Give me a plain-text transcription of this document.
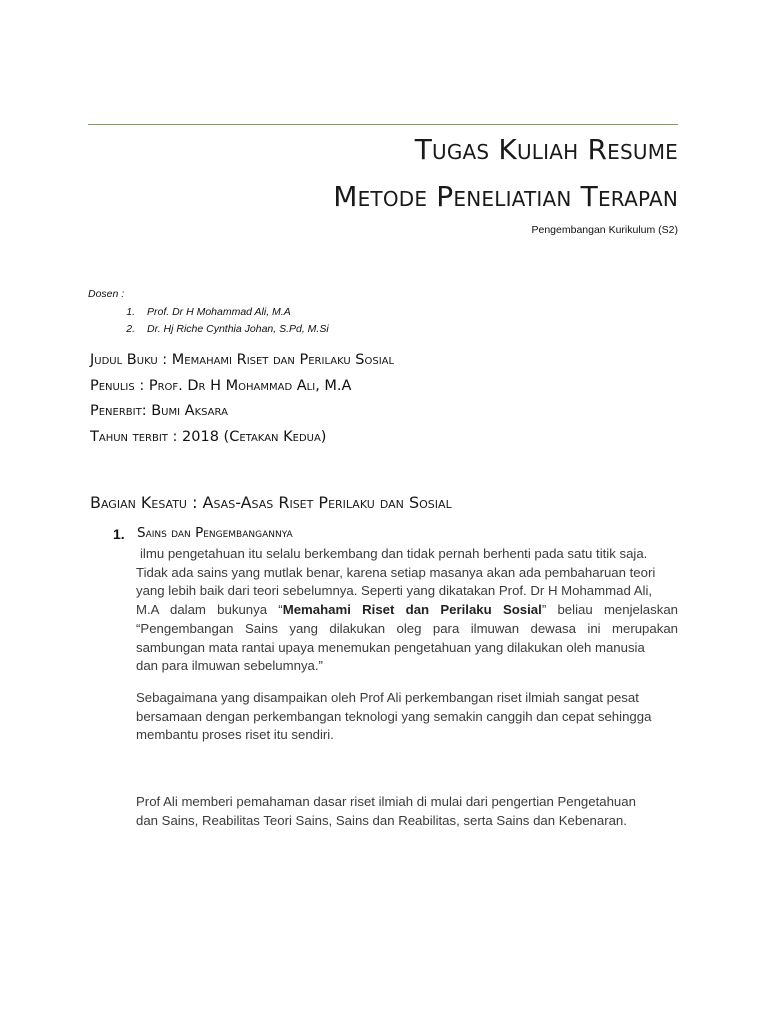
Tugas Kuliah Resume
Metode Peneliatian Terapan
Pengembangan Kurikulum (S2)
Dosen :
1. Prof. Dr H Mohammad Ali, M.A
2. Dr. Hj Riche Cynthia Johan, S.Pd, M.Si
Judul Buku : Memahami Riset dan Perilaku Sosial
Penulis : Prof. Dr H Mohammad Ali, M.A
Penerbit: Bumi Aksara
Tahun terbit : 2018 (Cetakan Kedua)
Bagian Kesatu : Asas-Asas Riset Perilaku dan Sosial
1. Sains dan Pengembangannya
ilmu pengetahuan itu selalu berkembang dan tidak pernah berhenti pada satu titik saja.
Tidak ada sains yang mutlak benar, karena setiap masanya akan ada pembaharuan teori
yang lebih baik dari teori sebelumnya. Seperti yang dikatakan Prof. Dr H Mohammad Ali,
M.A dalam bukunya “Memahami Riset dan Perilaku Sosial” beliau menjelaskan
“Pengembangan Sains yang dilakukan oleg para ilmuwan dewasa ini merupakan
sambungan mata rantai upaya menemukan pengetahuan yang dilakukan oleh manusia
dan para ilmuwan sebelumnya.”
Sebagaimana yang disampaikan oleh Prof Ali perkembangan riset ilmiah sangat pesat
bersamaan dengan perkembangan teknologi yang semakin canggih dan cepat sehingga
membantu proses riset itu sendiri.
Prof Ali memberi pemahaman dasar riset ilmiah di mulai dari pengertian Pengetahuan
dan Sains, Reabilitas Teori Sains, Sains dan Reabilitas, serta Sains dan Kebenaran.
